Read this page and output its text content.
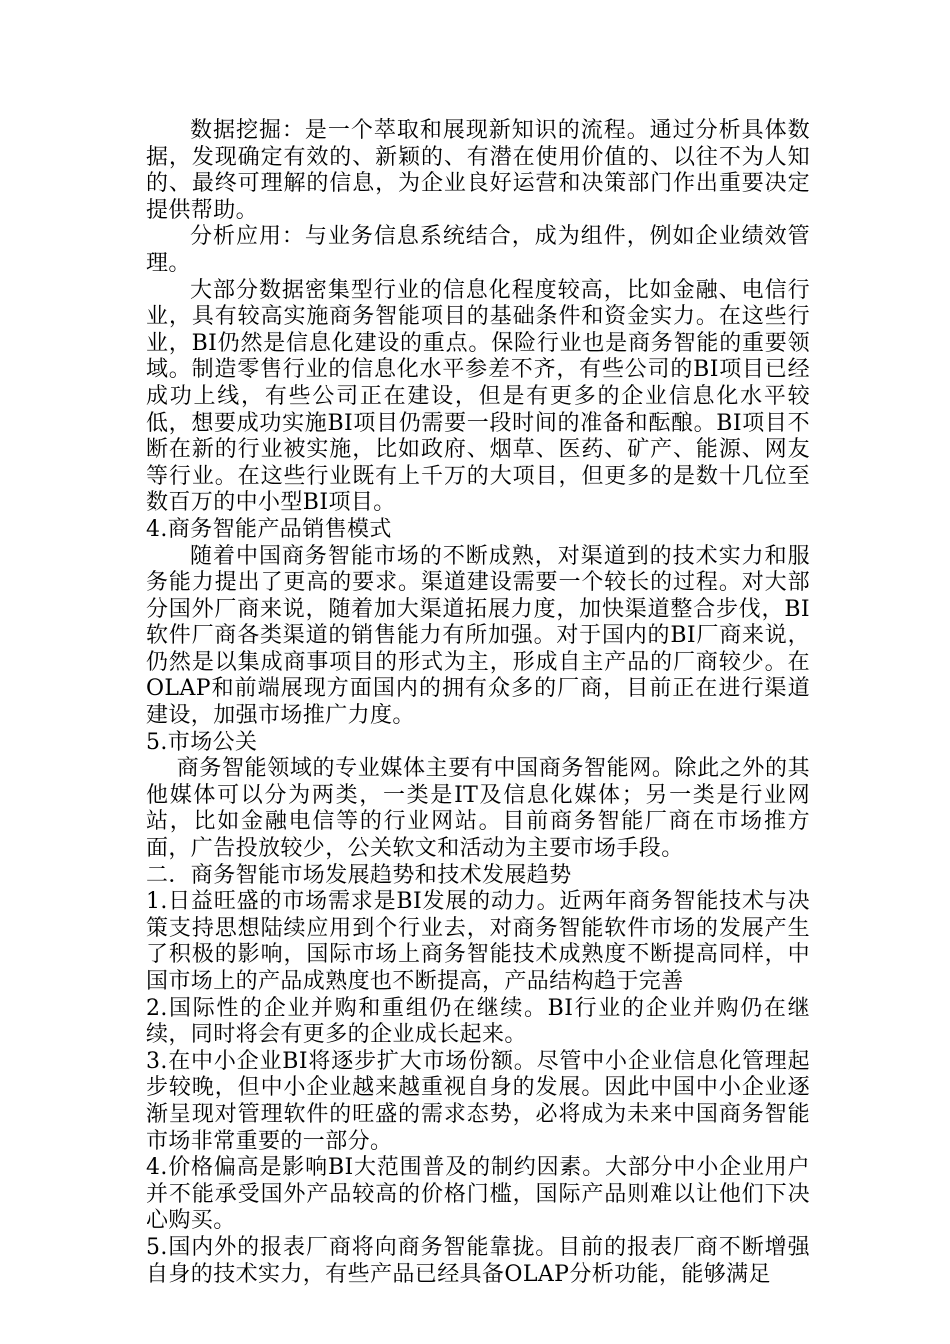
数据挖掘：是一个萃取和展现新知识的流程。通过分析具体数据，发现确定有效的、新颖的、有潜在使用价值的、以往不为人知的、最终可理解的信息，为企业良好运营和决策部门作出重要决定提供帮助。

分析应用：与业务信息系统结合，成为组件，例如企业绩效管理。

大部分数据密集型行业的信息化程度较高，比如金融、电信行业，具有较高实施商务智能项目的基础条件和资金实力。在这些行业，BI仍然是信息化建设的重点。保险行业也是商务智能的重要领域。制造零售行业的信息化水平参差不齐，有些公司的BI项目已经成功上线，有些公司正在建设，但是有更多的企业信息化水平较低，想要成功实施BI项目仍需要一段时间的准备和酝酿。BI项目不断在新的行业被实施，比如政府、烟草、医药、矿产、能源、网友等行业。在这些行业既有上千万的大项目，但更多的是数十几位至数百万的中小型BI项目。

4.商务智能产品销售模式

随着中国商务智能市场的不断成熟，对渠道到的技术实力和服务能力提出了更高的要求。渠道建设需要一个较长的过程。对大部分国外厂商来说，随着加大渠道拓展力度，加快渠道整合步伐，BI软件厂商各类渠道的销售能力有所加强。对于国内的BI厂商来说，仍然是以集成商事项目的形式为主，形成自主产品的厂商较少。在OLAP和前端展现方面国内的拥有众多的厂商，目前正在进行渠道建设，加强市场推广力度。

5.市场公关

商务智能领域的专业媒体主要有中国商务智能网。除此之外的其他媒体可以分为两类，一类是IT及信息化媒体；另一类是行业网站，比如金融电信等的行业网站。目前商务智能厂商在市场推方面，广告投放较少，公关软文和活动为主要市场手段。

二．商务智能市场发展趋势和技术发展趋势

1.日益旺盛的市场需求是BI发展的动力。近两年商务智能技术与决策支持思想陆续应用到个行业去，对商务智能软件市场的发展产生了积极的影响，国际市场上商务智能技术成熟度不断提高同样，中国市场上的产品成熟度也不断提高，产品结构趋于完善

2.国际性的企业并购和重组仍在继续。BI行业的企业并购仍在继续，同时将会有更多的企业成长起来。

3.在中小企业BI将逐步扩大市场份额。尽管中小企业信息化管理起步较晚，但中小企业越来越重视自身的发展。因此中国中小企业逐渐呈现对管理软件的旺盛的需求态势，必将成为未来中国商务智能市场非常重要的一部分。

4.价格偏高是影响BI大范围普及的制约因素。大部分中小企业用户并不能承受国外产品较高的价格门槛，国际产品则难以让他们下决心购买。

5.国内外的报表厂商将向商务智能靠拢。目前的报表厂商不断增强自身的技术实力，有些产品已经具备OLAP分析功能，能够满足
